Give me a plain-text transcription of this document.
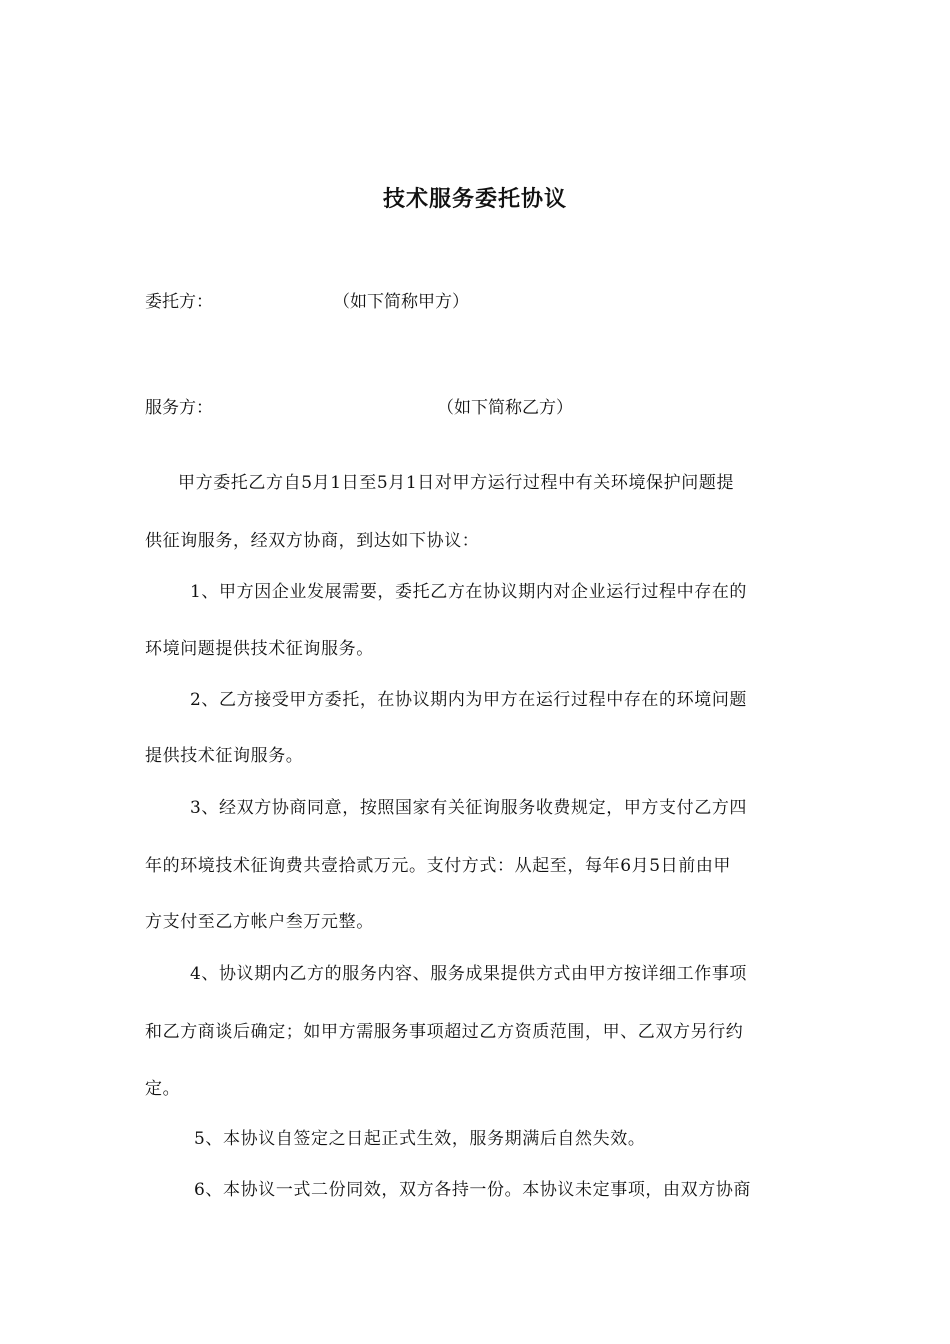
技术服务委托协议
委托方：	（如下简称甲方）
服务方：	（如下简称乙方）
甲方委托乙方自5月1日至5月1日对甲方运行过程中有关环境保护问题提
供征询服务，经双方协商，到达如下协议：
1、甲方因企业发展需要，委托乙方在协议期内对企业运行过程中存在的
环境问题提供技术征询服务。
2、乙方接受甲方委托，在协议期内为甲方在运行过程中存在的环境问题
提供技术征询服务。
3、经双方协商同意，按照国家有关征询服务收费规定，甲方支付乙方四
年的环境技术征询费共壹拾贰万元。支付方式：从起至，每年6月5日前由甲
方支付至乙方帐户叁万元整。
4、协议期内乙方的服务内容、服务成果提供方式由甲方按详细工作事项
和乙方商谈后确定；如甲方需服务事项超过乙方资质范围，甲、乙双方另行约
定。
5、本协议自签定之日起正式生效，服务期满后自然失效。
6、本协议一式二份同效，双方各持一份。本协议未定事项，由双方协商
